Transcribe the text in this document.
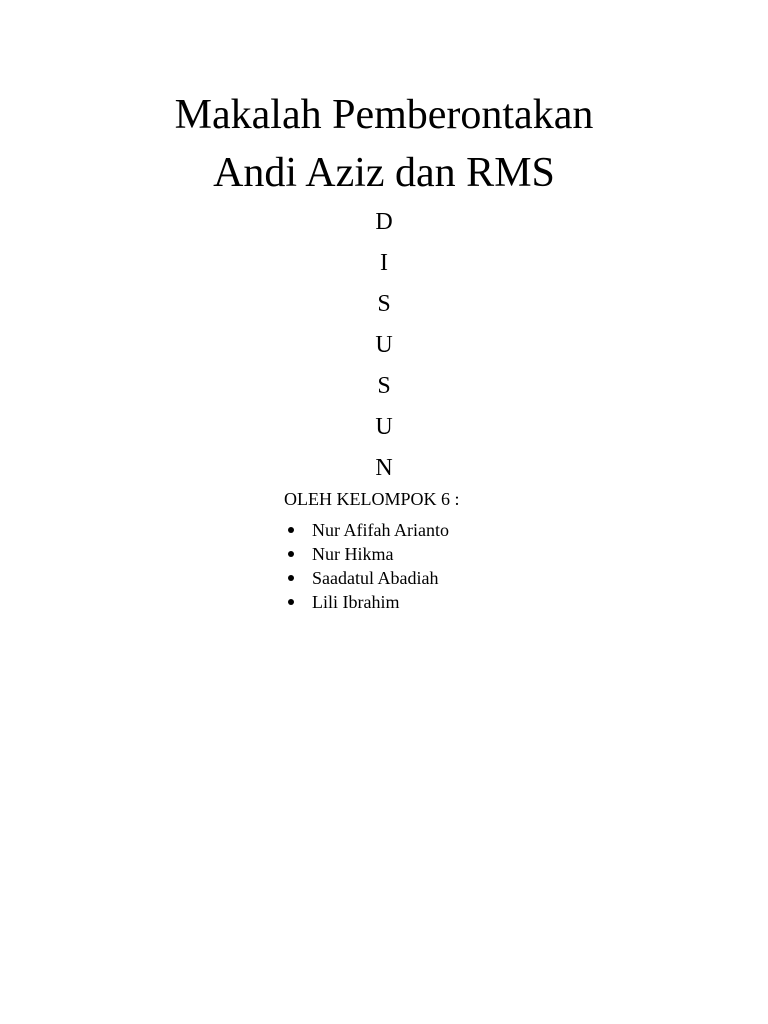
Makalah Pemberontakan
Andi Aziz dan RMS
D
I
S
U
S
U
N
OLEH KELOMPOK 6 :
Nur Afifah Arianto
Nur Hikma
Saadatul Abadiah
Lili Ibrahim
